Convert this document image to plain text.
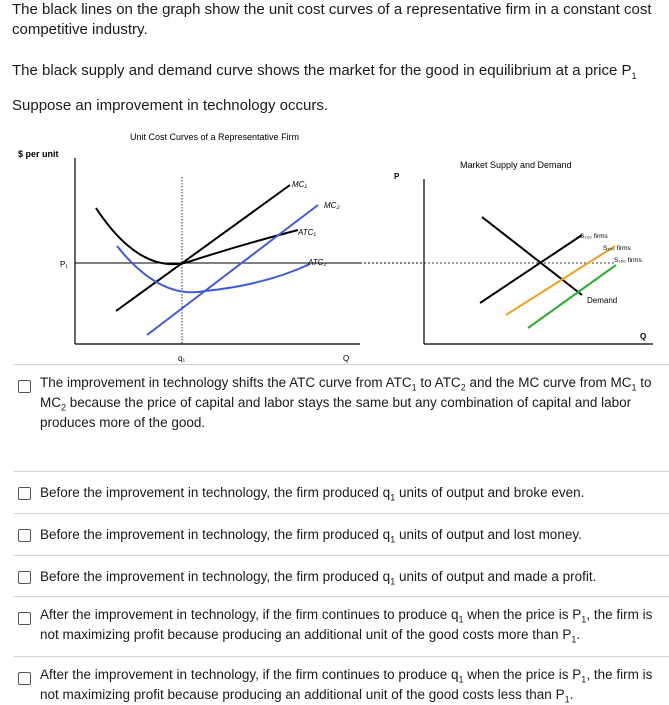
The black lines on the graph show the unit cost curves of a representative firm in a constant cost competitive industry.
The black supply and demand curve shows the market for the good in equilibrium at a price $P_1$
Suppose an improvement in technology occurs.
Unit Cost Curves of a Representative Firm
$ per unit
P₁
q₁	Q
MC₁
MC₂
ATC₁
ATC₂
Market Supply and Demand
P
Q
S₁₀₀ firms
S₁₀₀ firms
S₁₅₀ firms
Demand
The improvement in technology shifts the ATC curve from $ATC_1$ to $ATC_2$ and the MC curve from $MC_1$ to $MC_2$ because the price of capital and labor stays the same but any combination of capital and labor produces more of the good.
Before the improvement in technology, the firm produced $q_1$ units of output and broke even.
Before the improvement in technology, the firm produced $q_1$ units of output and lost money.
Before the improvement in technology, the firm produced $q_1$ units of output and made a profit.
After the improvement in technology, if the firm continues to produce $q_1$ when the price is $P_1$, the firm is not maximizing profit because producing an additional unit of the good costs more than $P_1$.
After the improvement in technology, if the firm continues to produce $q_1$ when the price is $P_1$, the firm is not maximizing profit because producing an additional unit of the good costs less than $P_1$.
